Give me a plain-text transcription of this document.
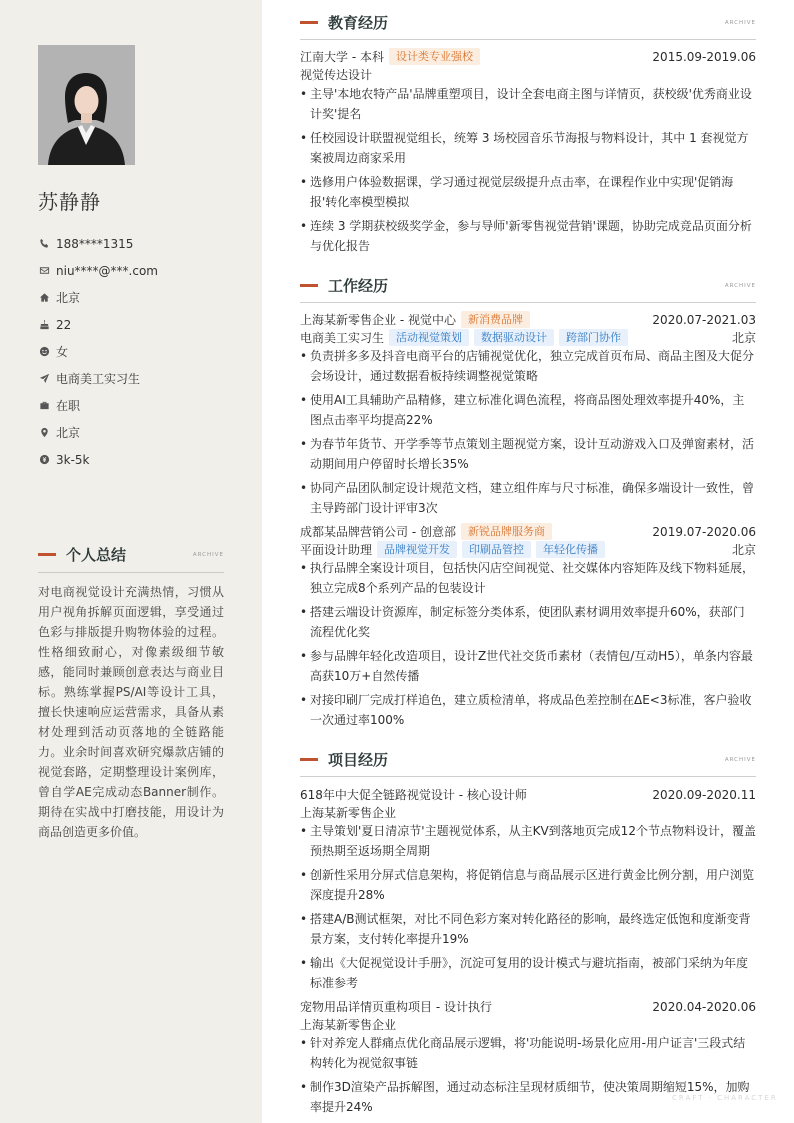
苏静静
188****1315
niu****@***.com
北京
22
女
电商美工实习生
在职
北京
3k-5k
个人总结	ARCHIVE
对电商视觉设计充满热情，习惯从用户视角拆解页面逻辑，享受通过色彩与排版提升购物体验的过程。性格细致耐心，对像素级细节敏感，能同时兼顾创意表达与商业目标。熟练掌握PS/AI等设计工具，擅长快速响应运营需求，具备从素材处理到活动页落地的全链路能力。业余时间喜欢研究爆款店铺的视觉套路，定期整理设计案例库，曾自学AE完成动态Banner制作。期待在实战中打磨技能，用设计为商品创造更多价值。
教育经历	ARCHIVE
江南大学 - 本科	设计类专业强校	2015.09-2019.06
视觉传达设计
• 主导'本地农特产品'品牌重塑项目，设计全套电商主图与详情页，获校级'优秀商业设计奖'提名
• 任校园设计联盟视觉组长，统筹 3 场校园音乐节海报与物料设计，其中 1 套视觉方案被周边商家采用
• 选修用户体验数据课，学习通过视觉层级提升点击率，在课程作业中实现'促销海报'转化率模型模拟
• 连续 3 学期获校级奖学金，参与导师'新零售视觉营销'课题，协助完成竞品页面分析与优化报告
工作经历	ARCHIVE
上海某新零售企业 - 视觉中心	新消费品牌	2020.07-2021.03
电商美工实习生	活动视觉策划	数据驱动设计	跨部门协作	北京
• 负责拼多多及抖音电商平台的店铺视觉优化，独立完成首页布局、商品主图及大促分会场设计，通过数据看板持续调整视觉策略
• 使用AI工具辅助产品精修，建立标准化调色流程，将商品图处理效率提升40%，主图点击率平均提高22%
• 为春节年货节、开学季等节点策划主题视觉方案，设计互动游戏入口及弹窗素材，活动期间用户停留时长增长35%
• 协同产品团队制定设计规范文档，建立组件库与尺寸标准，确保多端设计一致性，曾主导跨部门设计评审3次
成都某品牌营销公司 - 创意部	新锐品牌服务商	2019.07-2020.06
平面设计助理	品牌视觉开发	印刷品管控	年轻化传播	北京
• 执行品牌全案设计项目，包括快闪店空间视觉、社交媒体内容矩阵及线下物料延展，独立完成8个系列产品的包装设计
• 搭建云端设计资源库，制定标签分类体系，使团队素材调用效率提升60%，获部门流程优化奖
• 参与品牌年轻化改造项目，设计Z世代社交货币素材（表情包/互动H5），单条内容最高获10万+自然传播
• 对接印刷厂完成打样追色，建立质检清单，将成品色差控制在ΔE<3标准，客户验收一次通过率100%
项目经历	ARCHIVE
618年中大促全链路视觉设计 - 核心设计师	2020.09-2020.11
上海某新零售企业
• 主导策划'夏日清凉节'主题视觉体系，从主KV到落地页完成12个节点物料设计，覆盖预热期至返场期全周期
• 创新性采用分屏式信息架构，将促销信息与商品展示区进行黄金比例分割，用户浏览深度提升28%
• 搭建A/B测试框架，对比不同色彩方案对转化路径的影响，最终选定低饱和度渐变背景方案，支付转化率提升19%
• 输出《大促视觉设计手册》，沉淀可复用的设计模式与避坑指南，被部门采纳为年度标准参考
宠物用品详情页重构项目 - 设计执行	2020.04-2020.06
上海某新零售企业
• 针对养宠人群痛点优化商品展示逻辑，将'功能说明-场景化应用-用户证言'三段式结构转化为视觉叙事链
• 制作3D渲染产品拆解图，通过动态标注呈现材质细节，使决策周期缩短15%，加购率提升24%
CRAFT · CHARACTER
